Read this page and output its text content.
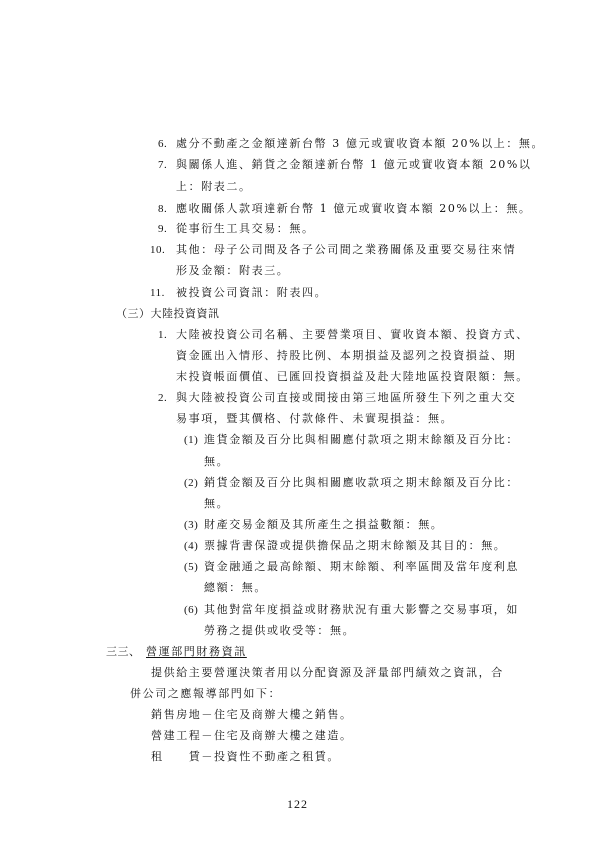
6. 處分不動產之金額達新台幣 3 億元或實收資本額 20%以上：無。
7. 與關係人進、銷貨之金額達新台幣 1 億元或實收資本額 20%以
上：附表二。
8. 應收關係人款項達新台幣 1 億元或實收資本額 20%以上：無。
9. 從事衍生工具交易：無。
10. 其他：母子公司間及各子公司間之業務關係及重要交易往來情
形及金額：附表三。
11. 被投資公司資訊：附表四。
（三）大陸投資資訊
1. 大陸被投資公司名稱、主要營業項目、實收資本額、投資方式、
資金匯出入情形、持股比例、本期損益及認列之投資損益、期
末投資帳面價值、已匯回投資損益及赴大陸地區投資限額：無。
2. 與大陸被投資公司直接或間接由第三地區所發生下列之重大交
易事項，暨其價格、付款條件、未實現損益：無。
(1) 進貨金額及百分比與相關應付款項之期末餘額及百分比：
無。
(2) 銷貨金額及百分比與相關應收款項之期末餘額及百分比：
無。
(3) 財產交易金額及其所產生之損益數額：無。
(4) 票據背書保證或提供擔保品之期末餘額及其目的：無。
(5) 資金融通之最高餘額、期末餘額、利率區間及當年度利息
總額：無。
(6) 其他對當年度損益或財務狀況有重大影響之交易事項，如
勞務之提供或收受等：無。
三三、 營運部門財務資訊
提供給主要營運決策者用以分配資源及評量部門績效之資訊，合
併公司之應報導部門如下：
銷售房地－住宅及商辦大樓之銷售。
營建工程－住宅及商辦大樓之建造。
租　　賃－投資性不動產之租賃。
122
